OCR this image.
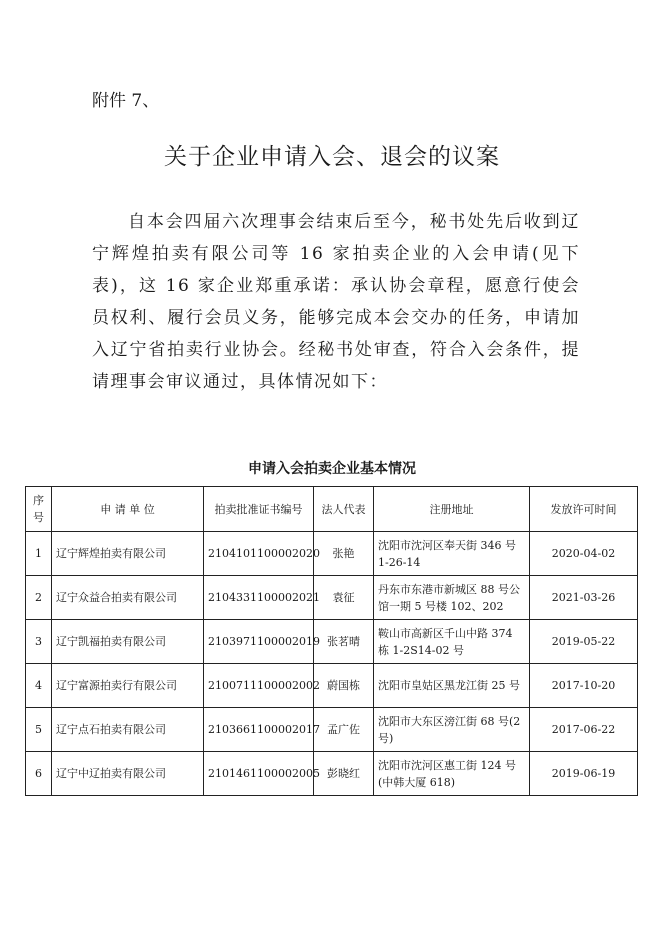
附件 7、
关于企业申请入会、退会的议案

自本会四届六次理事会结束后至今，秘书处先后收到辽宁辉煌拍卖有限公司等 16 家拍卖企业的入会申请(见下表)，这 16 家企业郑重承诺：承认协会章程，愿意行使会员权利、履行会员义务，能够完成本会交办的任务，申请加入辽宁省拍卖行业协会。经秘书处审查，符合入会条件，提请理事会审议通过，具体情况如下：

申请入会拍卖企业基本情况
序号	申 请 单 位	拍卖批准证书编号	法人代表	注册地址	发放许可时间
1	辽宁辉煌拍卖有限公司	2104101100002020	张艳	沈阳市沈河区奉天街 346 号 1-26-14	2020-04-02
2	辽宁众益合拍卖有限公司	2104331100002021	袁征	丹东市东港市新城区 88 号公馆一期 5 号楼 102、202	2021-03-26
3	辽宁凯福拍卖有限公司	2103971100002019	张茗晴	鞍山市高新区千山中路 374 栋 1-2S14-02 号	2019-05-22
4	辽宁富源拍卖行有限公司	2100711100002002	蔚国栋	沈阳市皇姑区黑龙江街 25 号	2017-10-20
5	辽宁点石拍卖有限公司	2103661100002017	孟广佐	沈阳市大东区滂江街 68 号(2 号)	2017-06-22
6	辽宁中辽拍卖有限公司	2101461100002005	彭晓红	沈阳市沈河区惠工街 124 号(中韩大厦 618)	2019-06-19
